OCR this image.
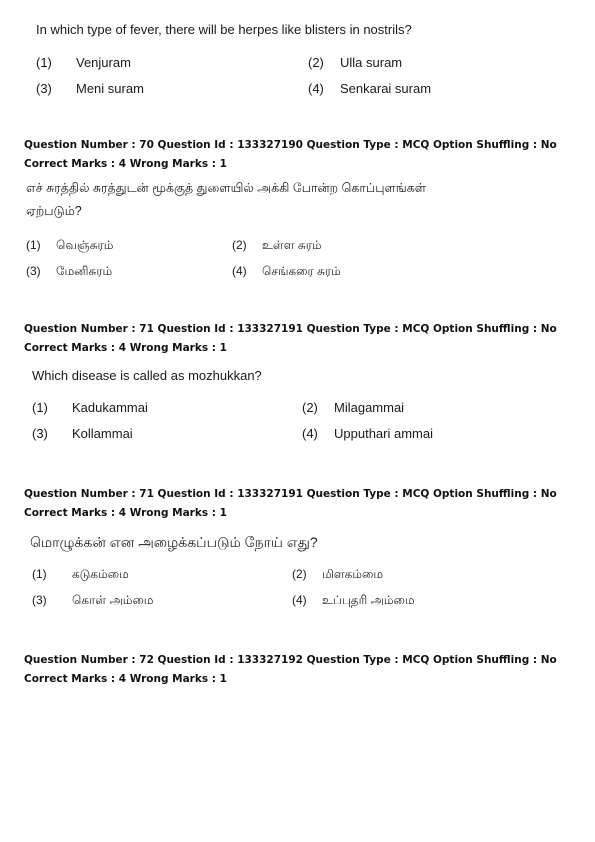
In which type of fever, there will be herpes like blisters in nostrils?
(1) Venjuram	(2) Ulla suram
(3) Meni suram	(4) Senkarai suram
Question Number : 70 Question Id : 133327190 Question Type : MCQ Option Shuffling : No
Correct Marks : 4 Wrong Marks : 1
எச் சுரத்தில் சுரத்துடன் மூக்குத் துளையில் அக்கி போன்ற கொப்புளங்கள்
ஏற்படும்?
(1) வெஞ்சுரம்	(2) உள்ள சுரம்
(3) மேனிசுரம்	(4) செங்கரை சுரம்
Question Number : 71 Question Id : 133327191 Question Type : MCQ Option Shuffling : No
Correct Marks : 4 Wrong Marks : 1
Which disease is called as mozhukkan?
(1) Kadukammai	(2) Milagammai
(3) Kollammai	(4) Upputhari ammai
Question Number : 71 Question Id : 133327191 Question Type : MCQ Option Shuffling : No
Correct Marks : 4 Wrong Marks : 1
மொழுக்கன் என அழைக்கப்படும் நோய் எது?
(1) கடுகம்மை	(2) மிளகம்மை
(3) கொள் அம்மை	(4) உப்புதரி அம்மை
Question Number : 72 Question Id : 133327192 Question Type : MCQ Option Shuffling : No
Correct Marks : 4 Wrong Marks : 1
